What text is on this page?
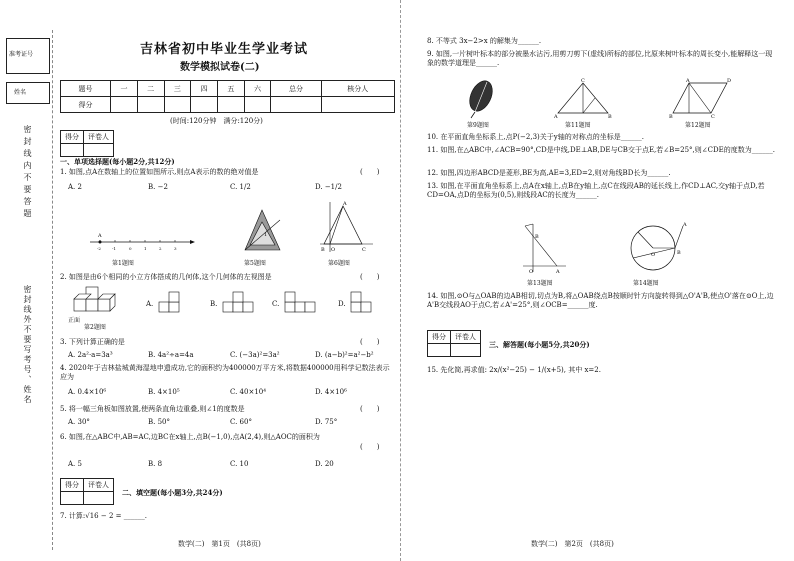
准考证号
姓名
密封线内不要答题
密封线外不要写考号、姓名
吉林省初中毕业生学业考试
数学模拟试卷(二)
题号	一	二	三	四	五	六	总分	核分人
得分								
(时间:120分钟　满分:120分)
得分	评卷人

一、单项选择题(每小题2分,共12分)
1. 如图,点A在数轴上的位置如图所示,则点A表示的数的绝对值是	(　　)
A. 2	B. −2	C. 1/2	D. −1/2
A
-2	-1	0	1	2	3
第1题图
1
第5题图
A
B O	C
第6题图
2. 如图是由6个相同的小立方体搭成的几何体,这个几何体的左视图是	(　　)
正面
第2题图
A.	B.	C.	D.
3. 下列计算正确的是	(　　)
A. 2a²·a=3a³	B. 4a²÷a=4a	C. (−3a)²=3a²	D. (a−b)²=a²−b²
4. 2020年于吉林盐城黄海湿地申遗成功,它的面积约为400000万平方米,将数据400000用科学记数法表示应为
A. 0.4×10⁶	B. 4×10⁵	C. 40×10⁴	D. 4×10⁶
5. 将一幅三角板如图放置,使两条直角边重叠,则∠1的度数是	(　　)
A. 30°	B. 50°	C. 60°	D. 75°
6. 如图,在△ABC中,AB=AC,边BC在x轴上,点B(−1,0),点A(2,4),则△AOC的面积为
(　　)
A. 5	B. 8	C. 10	D. 20
得分	评卷人

二、填空题(每小题3分,共24分)
7. 计算:√16 − 2 = ______.
数学(二)　第1页　(共8页)
8. 不等式 3x−2>x 的解集为______.
9. 如图,一片树叶标本的部分被墨水沾污,用剪刀剪下(虚线)所标的部位,比原来树叶标本的周长变小,能解释这一现象的数学道理是______.
第9题图
C
A	B
第11题图
A
B	C
D
第12题图
10. 在平面直角坐标系上,点P(−2,3)关于y轴的对称点的坐标是______.
11. 如图,在△ABC中,∠ACB=90°,CD是中线,DE⊥AB,DE与CB交于点E,若∠B=25°,则∠CDE的度数为______.
12. 如图,四边形ABCD是菱形,BE为高,AE=3,ED=2,则对角线BD长为______.
13. 如图,在平面直角坐标系上,点A在x轴上,点B在y轴上,点C在线段AB的延长线上,作CD⊥AC,交y轴于点D,若CD=OA,点D的坐标为(0,5),则线段AC的长度为______.
B
A
O
第13题图
O	B
A
第14题图
14. 如图,⊙O与△OAB的边AB相切,切点为B,将△OAB绕点B按顺时针方向旋转得到△O'A'B,使点O'落在⊙O上,边A'B交线段AO于点C,若∠A'=25°,则∠OCB=______度.
得分	评卷人

三、解答题(每小题5分,共20分)
15. 先化简,再求值: 2x/(x²−25) − 1/(x+5), 其中 x=2.
数学(二)　第2页　(共8页)
